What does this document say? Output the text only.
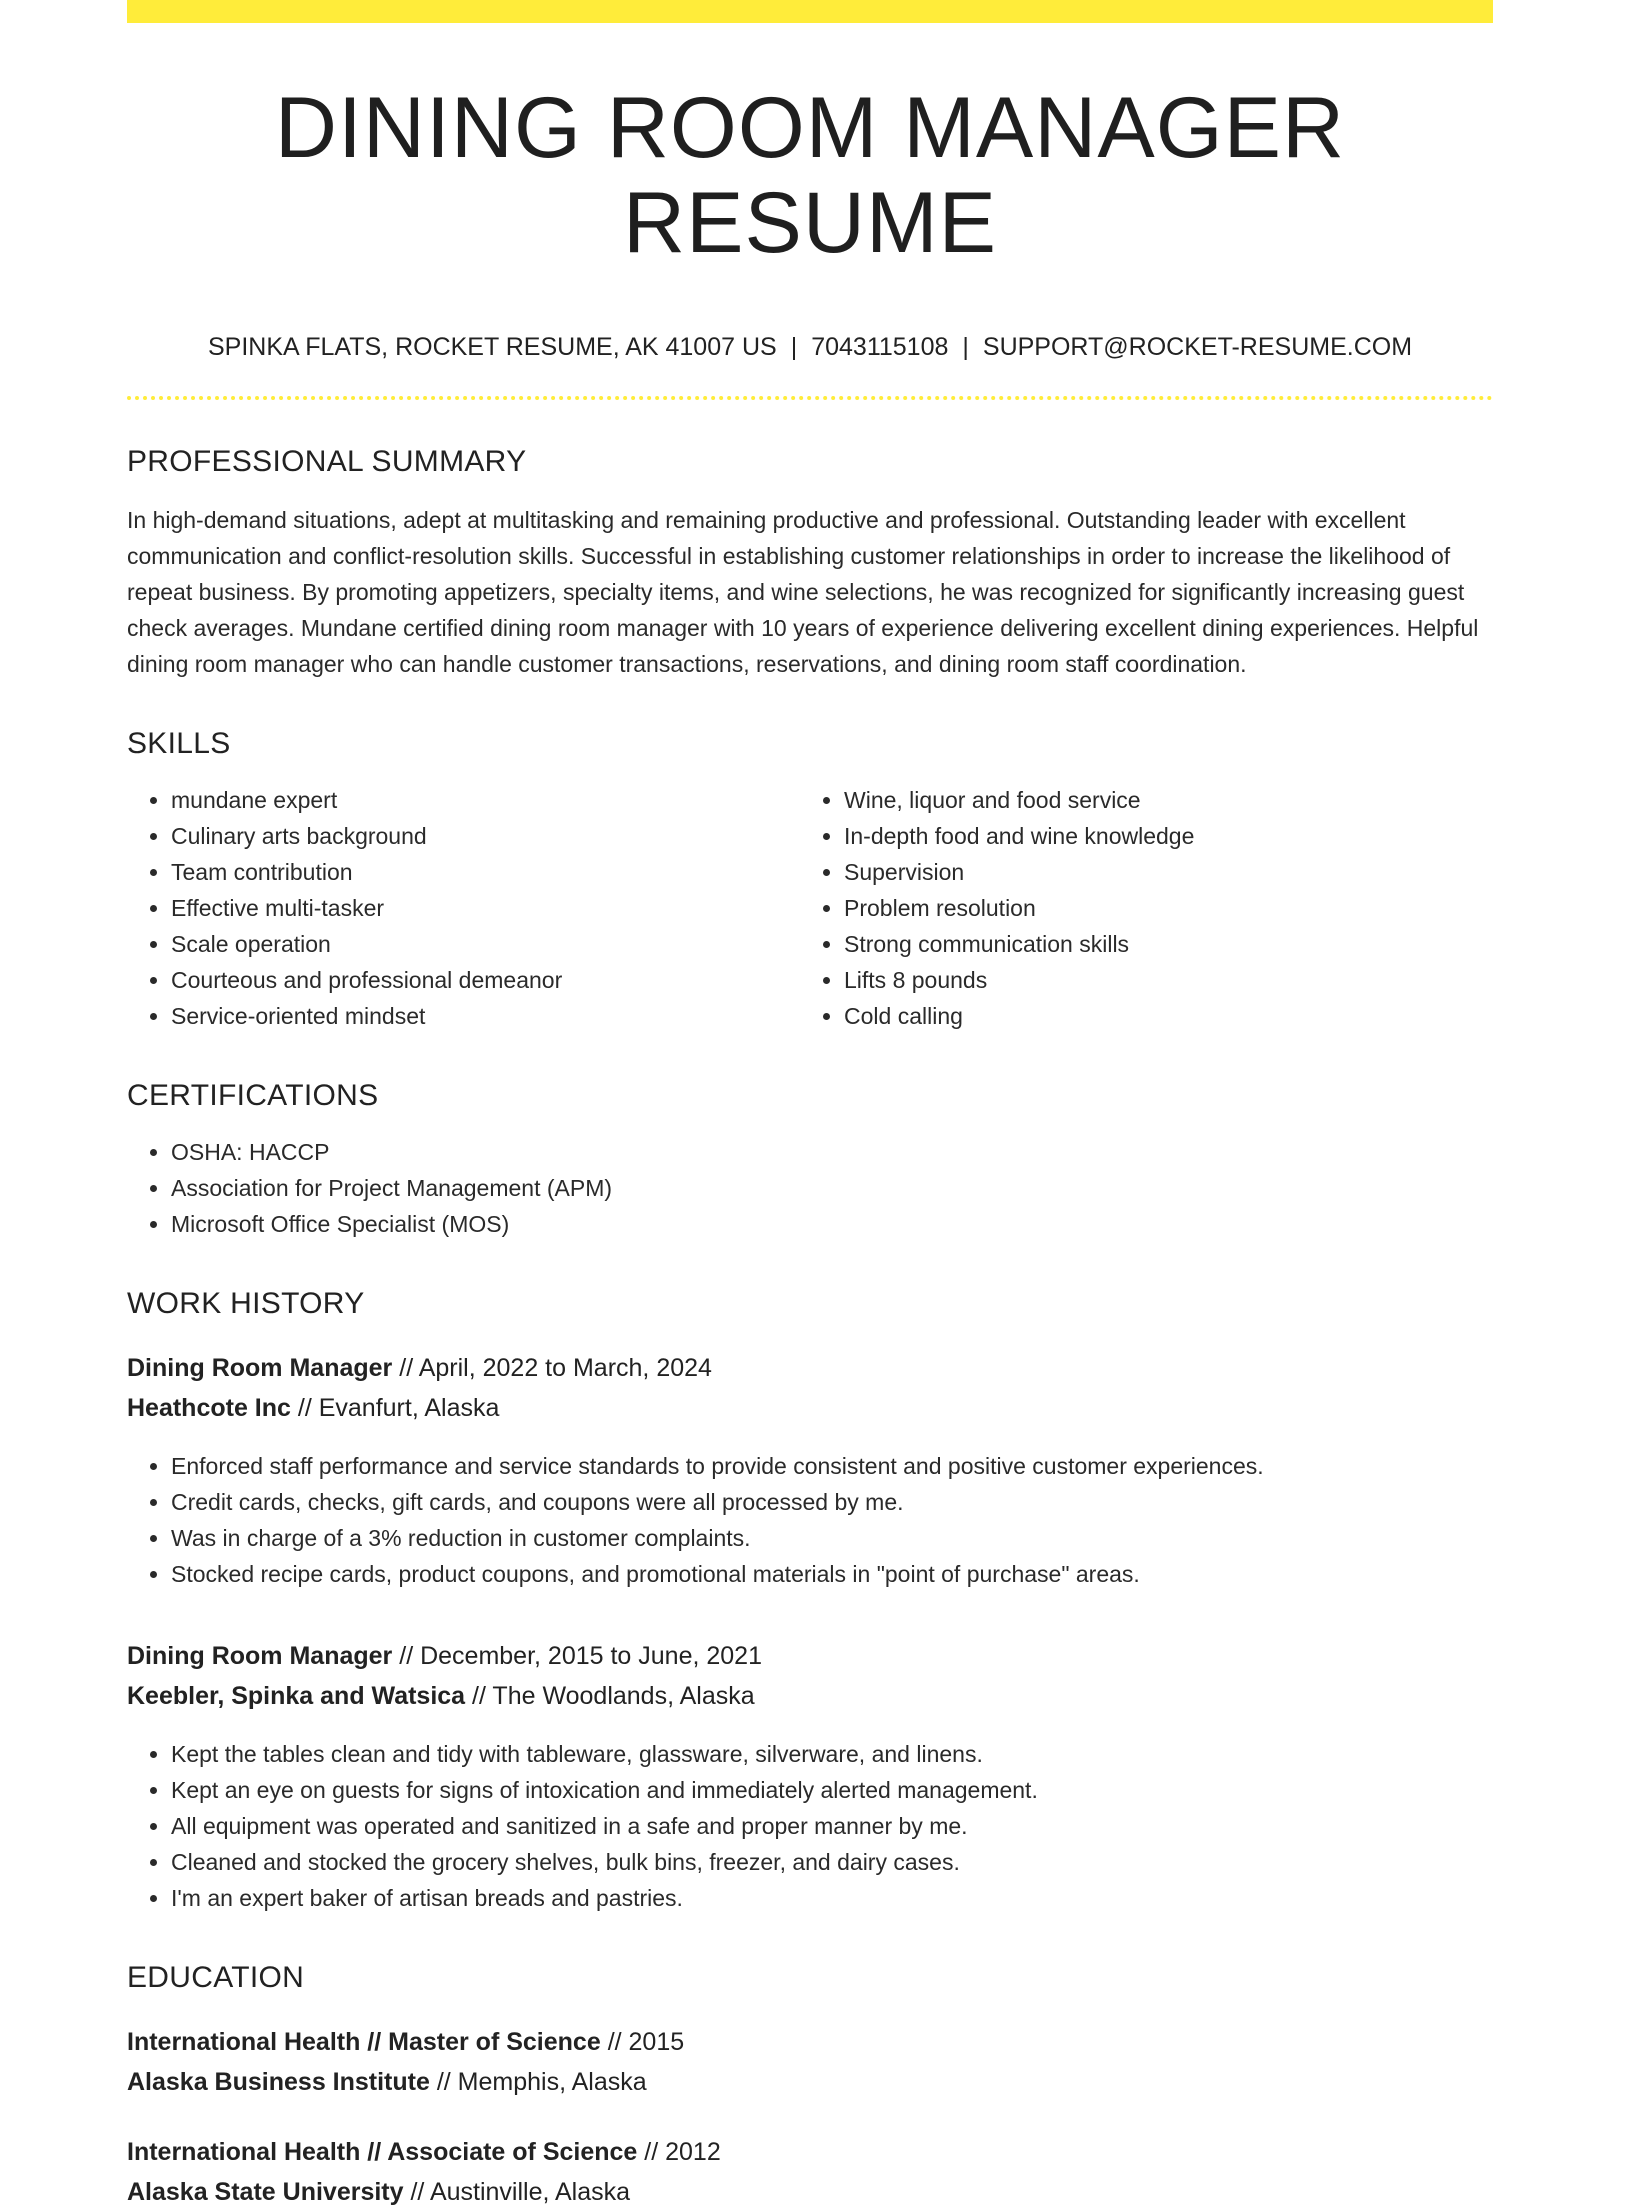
DINING ROOM MANAGER RESUME
SPINKA FLATS, ROCKET RESUME, AK 41007 US | 7043115108 | SUPPORT@ROCKET-RESUME.COM
PROFESSIONAL SUMMARY

In high-demand situations, adept at multitasking and remaining productive and professional. Outstanding leader with excellent communication and conflict-resolution skills. Successful in establishing customer relationships in order to increase the likelihood of repeat business. By promoting appetizers, specialty items, and wine selections, he was recognized for significantly increasing guest check averages. Mundane certified dining room manager with 10 years of experience delivering excellent dining experiences. Helpful dining room manager who can handle customer transactions, reservations, and dining room staff coordination.

SKILLS
• mundane expert
• Culinary arts background
• Team contribution
• Effective multi-tasker
• Scale operation
• Courteous and professional demeanor
• Service-oriented mindset
• Wine, liquor and food service
• In-depth food and wine knowledge
• Supervision
• Problem resolution
• Strong communication skills
• Lifts 8 pounds
• Cold calling
CERTIFICATIONS
• OSHA: HACCP
• Association for Project Management (APM)
• Microsoft Office Specialist (MOS)
WORK HISTORY
Dining Room Manager // April, 2022 to March, 2024
Heathcote Inc // Evanfurt, Alaska
• Enforced staff performance and service standards to provide consistent and positive customer experiences.
• Credit cards, checks, gift cards, and coupons were all processed by me.
• Was in charge of a 3% reduction in customer complaints.
• Stocked recipe cards, product coupons, and promotional materials in "point of purchase" areas.
Dining Room Manager // December, 2015 to June, 2021
Keebler, Spinka and Watsica // The Woodlands, Alaska
• Kept the tables clean and tidy with tableware, glassware, silverware, and linens.
• Kept an eye on guests for signs of intoxication and immediately alerted management.
• All equipment was operated and sanitized in a safe and proper manner by me.
• Cleaned and stocked the grocery shelves, bulk bins, freezer, and dairy cases.
• I'm an expert baker of artisan breads and pastries.
EDUCATION
International Health // Master of Science // 2015
Alaska Business Institute // Memphis, Alaska
International Health // Associate of Science // 2012
Alaska State University // Austinville, Alaska
